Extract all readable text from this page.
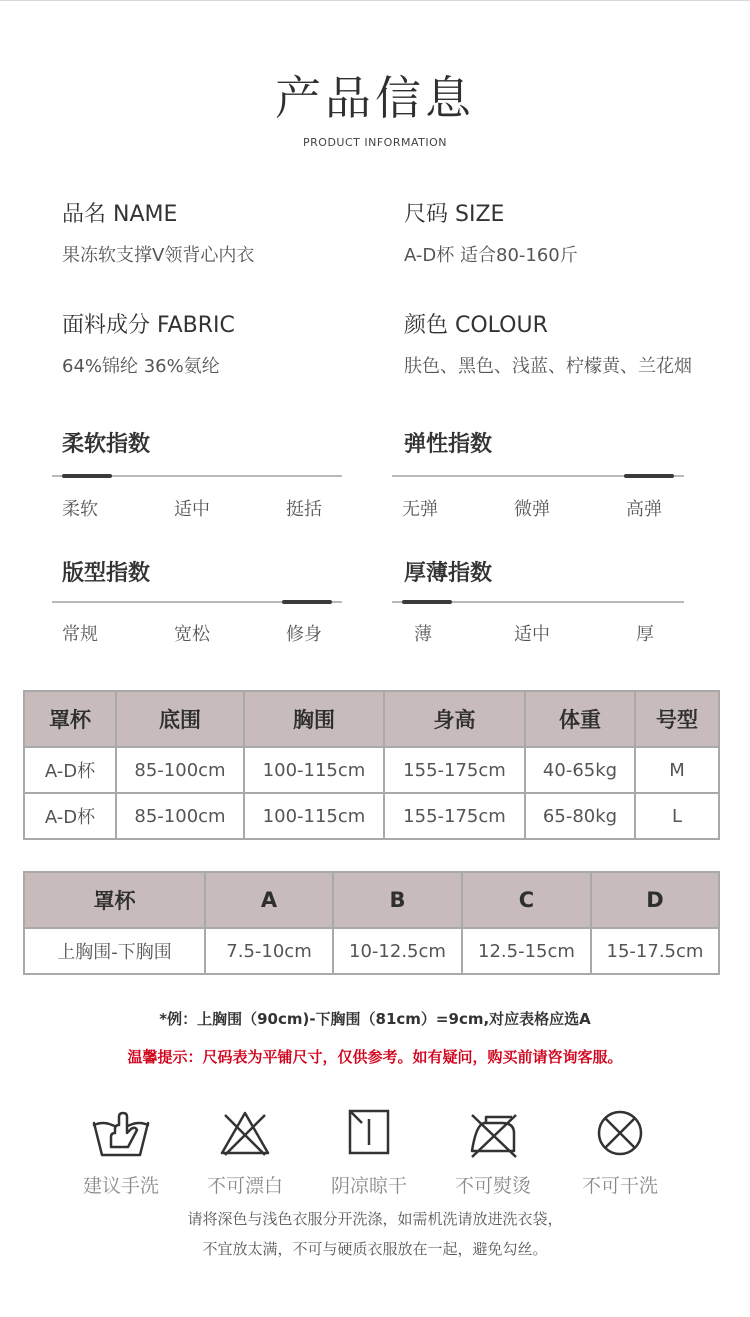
产品信息
PRODUCT INFORMATION
品名 NAME
果冻软支撑V领背心内衣
尺码 SIZE
A-D杯 适合80-160斤
面料成分 FABRIC
64%锦纶 36%氨纶
颜色 COLOUR
肤色、黑色、浅蓝、柠檬黄、兰花烟
柔软指数
柔软	适中	挺括
弹性指数
无弹	微弹	高弹
版型指数
常规	宽松	修身
厚薄指数
薄	适中	厚
罩杯	底围	胸围	身高	体重	号型
A-D杯	85-100cm	100-115cm	155-175cm	40-65kg	M
A-D杯	85-100cm	100-115cm	155-175cm	65-80kg	L
罩杯	A	B	C	D
上胸围-下胸围	7.5-10cm	10-12.5cm	12.5-15cm	15-17.5cm
*例：上胸围（90cm)-下胸围（81cm）=9cm,对应表格应选A
温馨提示：尺码表为平铺尺寸，仅供参考。如有疑问，购买前请咨询客服。
建议手洗	不可漂白	阴凉晾干	不可熨烫	不可干洗
请将深色与浅色衣服分开洗涤，如需机洗请放进洗衣袋，
不宜放太满，不可与硬质衣服放在一起，避免勾丝。
